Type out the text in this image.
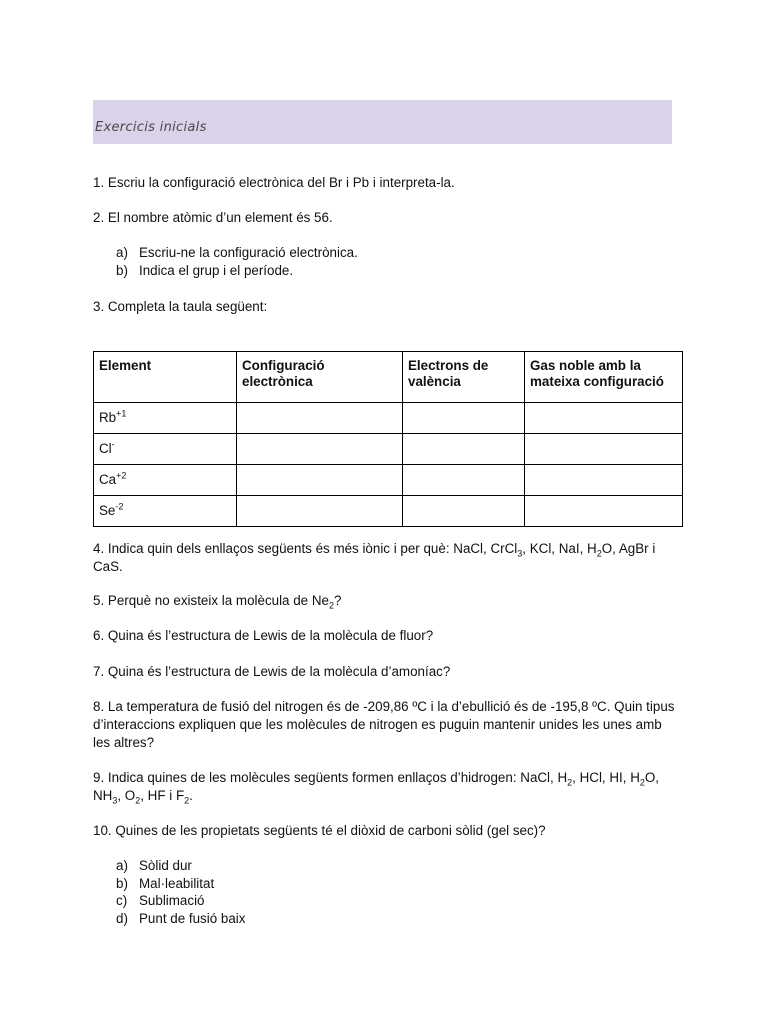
Exercicis inicials

1. Escriu la configuració electrònica del Br i Pb i interpreta-la.

2. El nombre atòmic d’un element és 56.

a) Escriu-ne la configuració electrònica.
b) Indica el grup i el període.

3. Completa la taula següent:

Element	Configuració electrònica	Electrons de valència	Gas noble amb la mateixa configuració
$Rb^{+1}$			
Cl-			
$Ca^{+2}$			
$Se^{-2}$			

4. Indica quin dels enllaços següents és més iònic i per què: NaCl, CrCl$_3$, KCl, NaI, $H_2O$, AgBr i CaS.

5. Perquè no existeix la molècula de $Ne_2$?

6. Quina és l’estructura de Lewis de la molècula de fluor?

7. Quina és l’estructura de Lewis de la molècula d’amoníac?

8. La temperatura de fusió del nitrogen és de -209,86 ºC i la d’ebullició és de -195,8 ºC. Quin tipus d’interaccions expliquen que les molècules de nitrogen es puguin mantenir unides les unes amb les altres?

9. Indica quines de les molècules següents formen enllaços d’hidrogen: NaCl, $H_2$, HCl, HI, $H_2O$, $NH_3$, $O_2$, HF i $F_2$.

10. Quines de les propietats següents té el diòxid de carboni sòlid (gel sec)?

a) Sòlid dur
b) Mal·leabilitat
c) Sublimació
d) Punt de fusió baix
